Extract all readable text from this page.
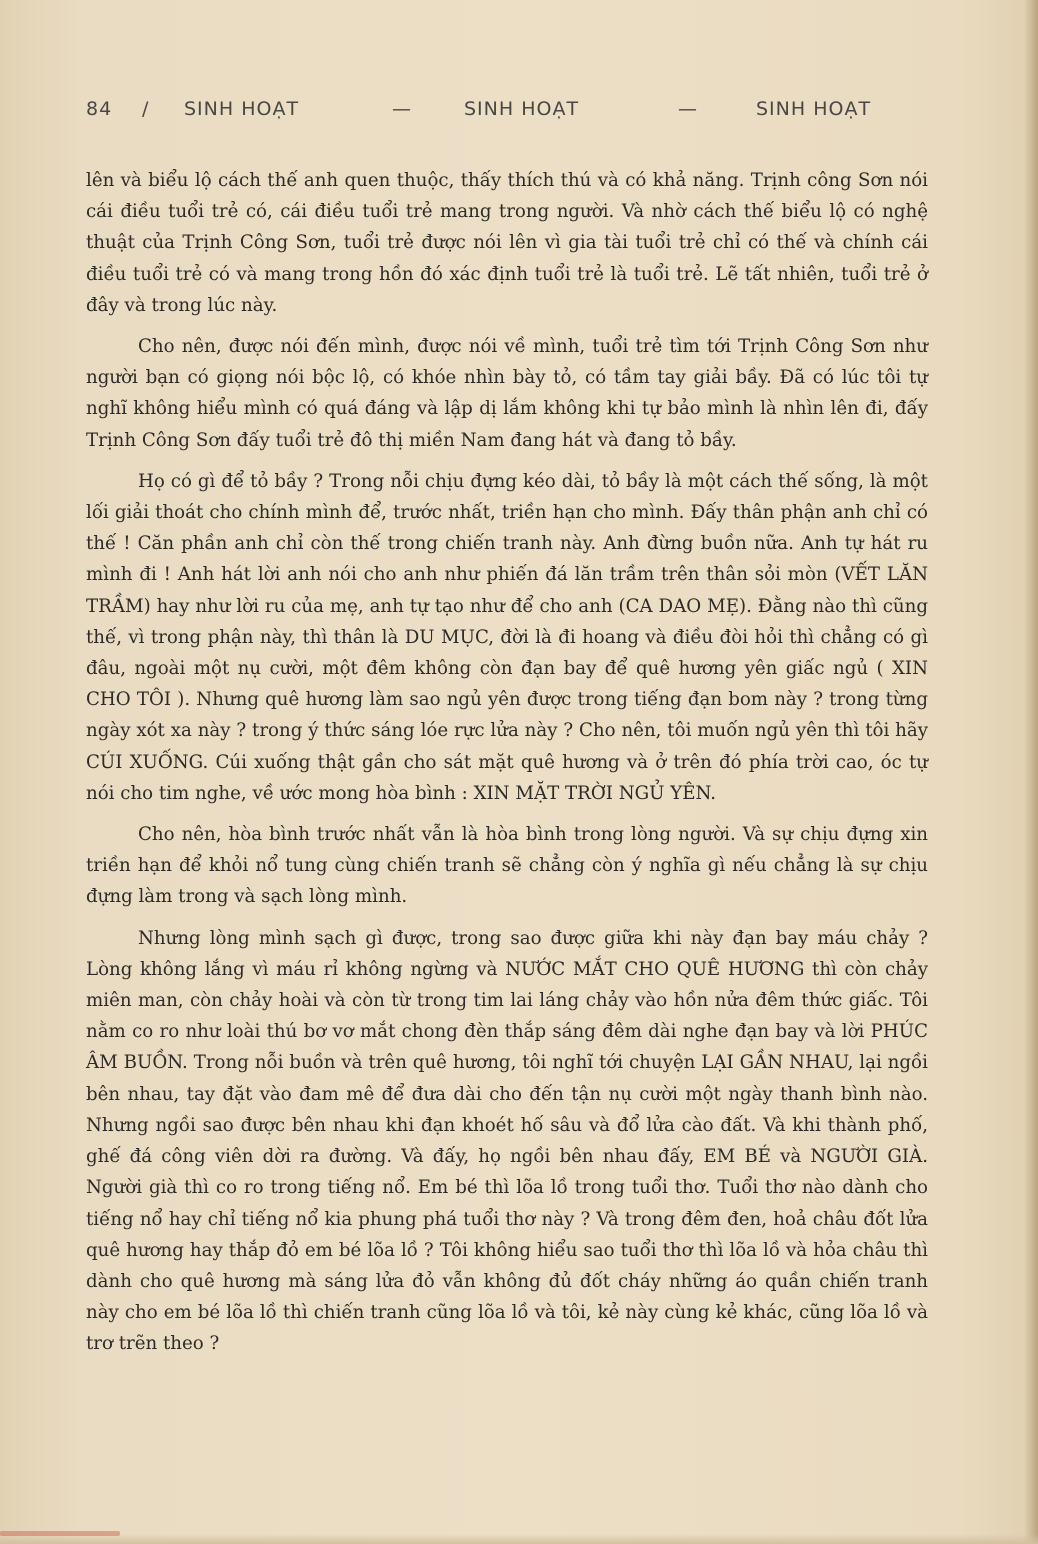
84 / SINH HOẠT	—	SINH HOẠT	—	SINH HOẠT

lên và biểu lộ cách thế anh quen thuộc, thấy thích thú và có khả năng. Trịnh công Sơn nói cái điều tuổi trẻ có, cái điều tuổi trẻ mang trong người. Và nhờ cách thế biểu lộ có nghệ thuật của Trịnh Công Sơn, tuổi trẻ được nói lên vì gia tài tuổi trẻ chỉ có thế và chính cái điều tuổi trẻ có và mang trong hồn đó xác định tuổi trẻ là tuổi trẻ. Lẽ tất nhiên, tuổi trẻ ở đây và trong lúc này.

Cho nên, được nói đến mình, được nói về mình, tuổi trẻ tìm tới Trịnh Công Sơn như người bạn có giọng nói bộc lộ, có khóe nhìn bày tỏ, có tầm tay giải bầy. Đã có lúc tôi tự nghĩ không hiểu mình có quá đáng và lập dị lắm không khi tự bảo mình là nhìn lên đi, đấy Trịnh Công Sơn đấy tuổi trẻ đô thị miền Nam đang hát và đang tỏ bầy.

Họ có gì để tỏ bầy ? Trong nỗi chịu đựng kéo dài, tỏ bầy là một cách thế sống, là một lối giải thoát cho chính mình để, trước nhất, triền hạn cho mình. Đấy thân phận anh chỉ có thế ! Căn phần anh chỉ còn thế trong chiến tranh này. Anh đừng buồn nữa. Anh tự hát ru mình đi ! Anh hát lời anh nói cho anh như phiến đá lăn trầm trên thân sỏi mòn (VẾT LĂN TRẦM) hay như lời ru của mẹ, anh tự tạo như để cho anh (CA DAO MẸ). Đằng nào thì cũng thế, vì trong phận này, thì thân là DU MỤC, đời là đi hoang và điều đòi hỏi thì chẳng có gì đâu, ngoài một nụ cười, một đêm không còn đạn bay để quê hương yên giấc ngủ ( XIN CHO TÔI ). Nhưng quê hương làm sao ngủ yên được trong tiếng đạn bom này ? trong từng ngày xót xa này ? trong ý thức sáng lóe rực lửa này ? Cho nên, tôi muốn ngủ yên thì tôi hãy CÚI XUỐNG. Cúi xuống thật gần cho sát mặt quê hương và ở trên đó phía trời cao, óc tự nói cho tim nghe, về ước mong hòa bình : XIN MẶT TRỜI NGỦ YÊN.

Cho nên, hòa bình trước nhất vẫn là hòa bình trong lòng người. Và sự chịu đựng xin triền hạn để khỏi nổ tung cùng chiến tranh sẽ chẳng còn ý nghĩa gì nếu chẳng là sự chịu đựng làm trong và sạch lòng mình.

Nhưng lòng mình sạch gì được, trong sao được giữa khi này đạn bay máu chảy ? Lòng không lắng vì máu rỉ không ngừng và NƯỚC MẮT CHO QUÊ HƯƠNG thì còn chảy miên man, còn chảy hoài và còn từ trong tim lai láng chảy vào hồn nửa đêm thức giấc. Tôi nằm co ro như loài thú bơ vơ mắt chong đèn thắp sáng đêm dài nghe đạn bay và lời PHÚC ÂM BUỒN. Trong nỗi buồn và trên quê hương, tôi nghĩ tới chuyện LẠI GẦN NHAU, lại ngồi bên nhau, tay đặt vào đam mê để đưa dài cho đến tận nụ cười một ngày thanh bình nào. Nhưng ngồi sao được bên nhau khi đạn khoét hố sâu và đổ lửa cào đất. Và khi thành phố, ghế đá công viên dời ra đường. Và đấy, họ ngồi bên nhau đấy, EM BÉ và NGƯỜI GIÀ. Người già thì co ro trong tiếng nổ. Em bé thì lõa lồ trong tuổi thơ. Tuổi thơ nào dành cho tiếng nổ hay chỉ tiếng nổ kia phung phá tuổi thơ này ? Và trong đêm đen, hoả châu đốt lửa quê hương hay thắp đỏ em bé lõa lồ ? Tôi không hiểu sao tuổi thơ thì lõa lồ và hỏa châu thì dành cho quê hương mà sáng lửa đỏ vẫn không đủ đốt cháy những áo quần chiến tranh này cho em bé lõa lồ thì chiến tranh cũng lõa lồ và tôi, kẻ này cùng kẻ khác, cũng lõa lồ và trơ trẽn theo ?
